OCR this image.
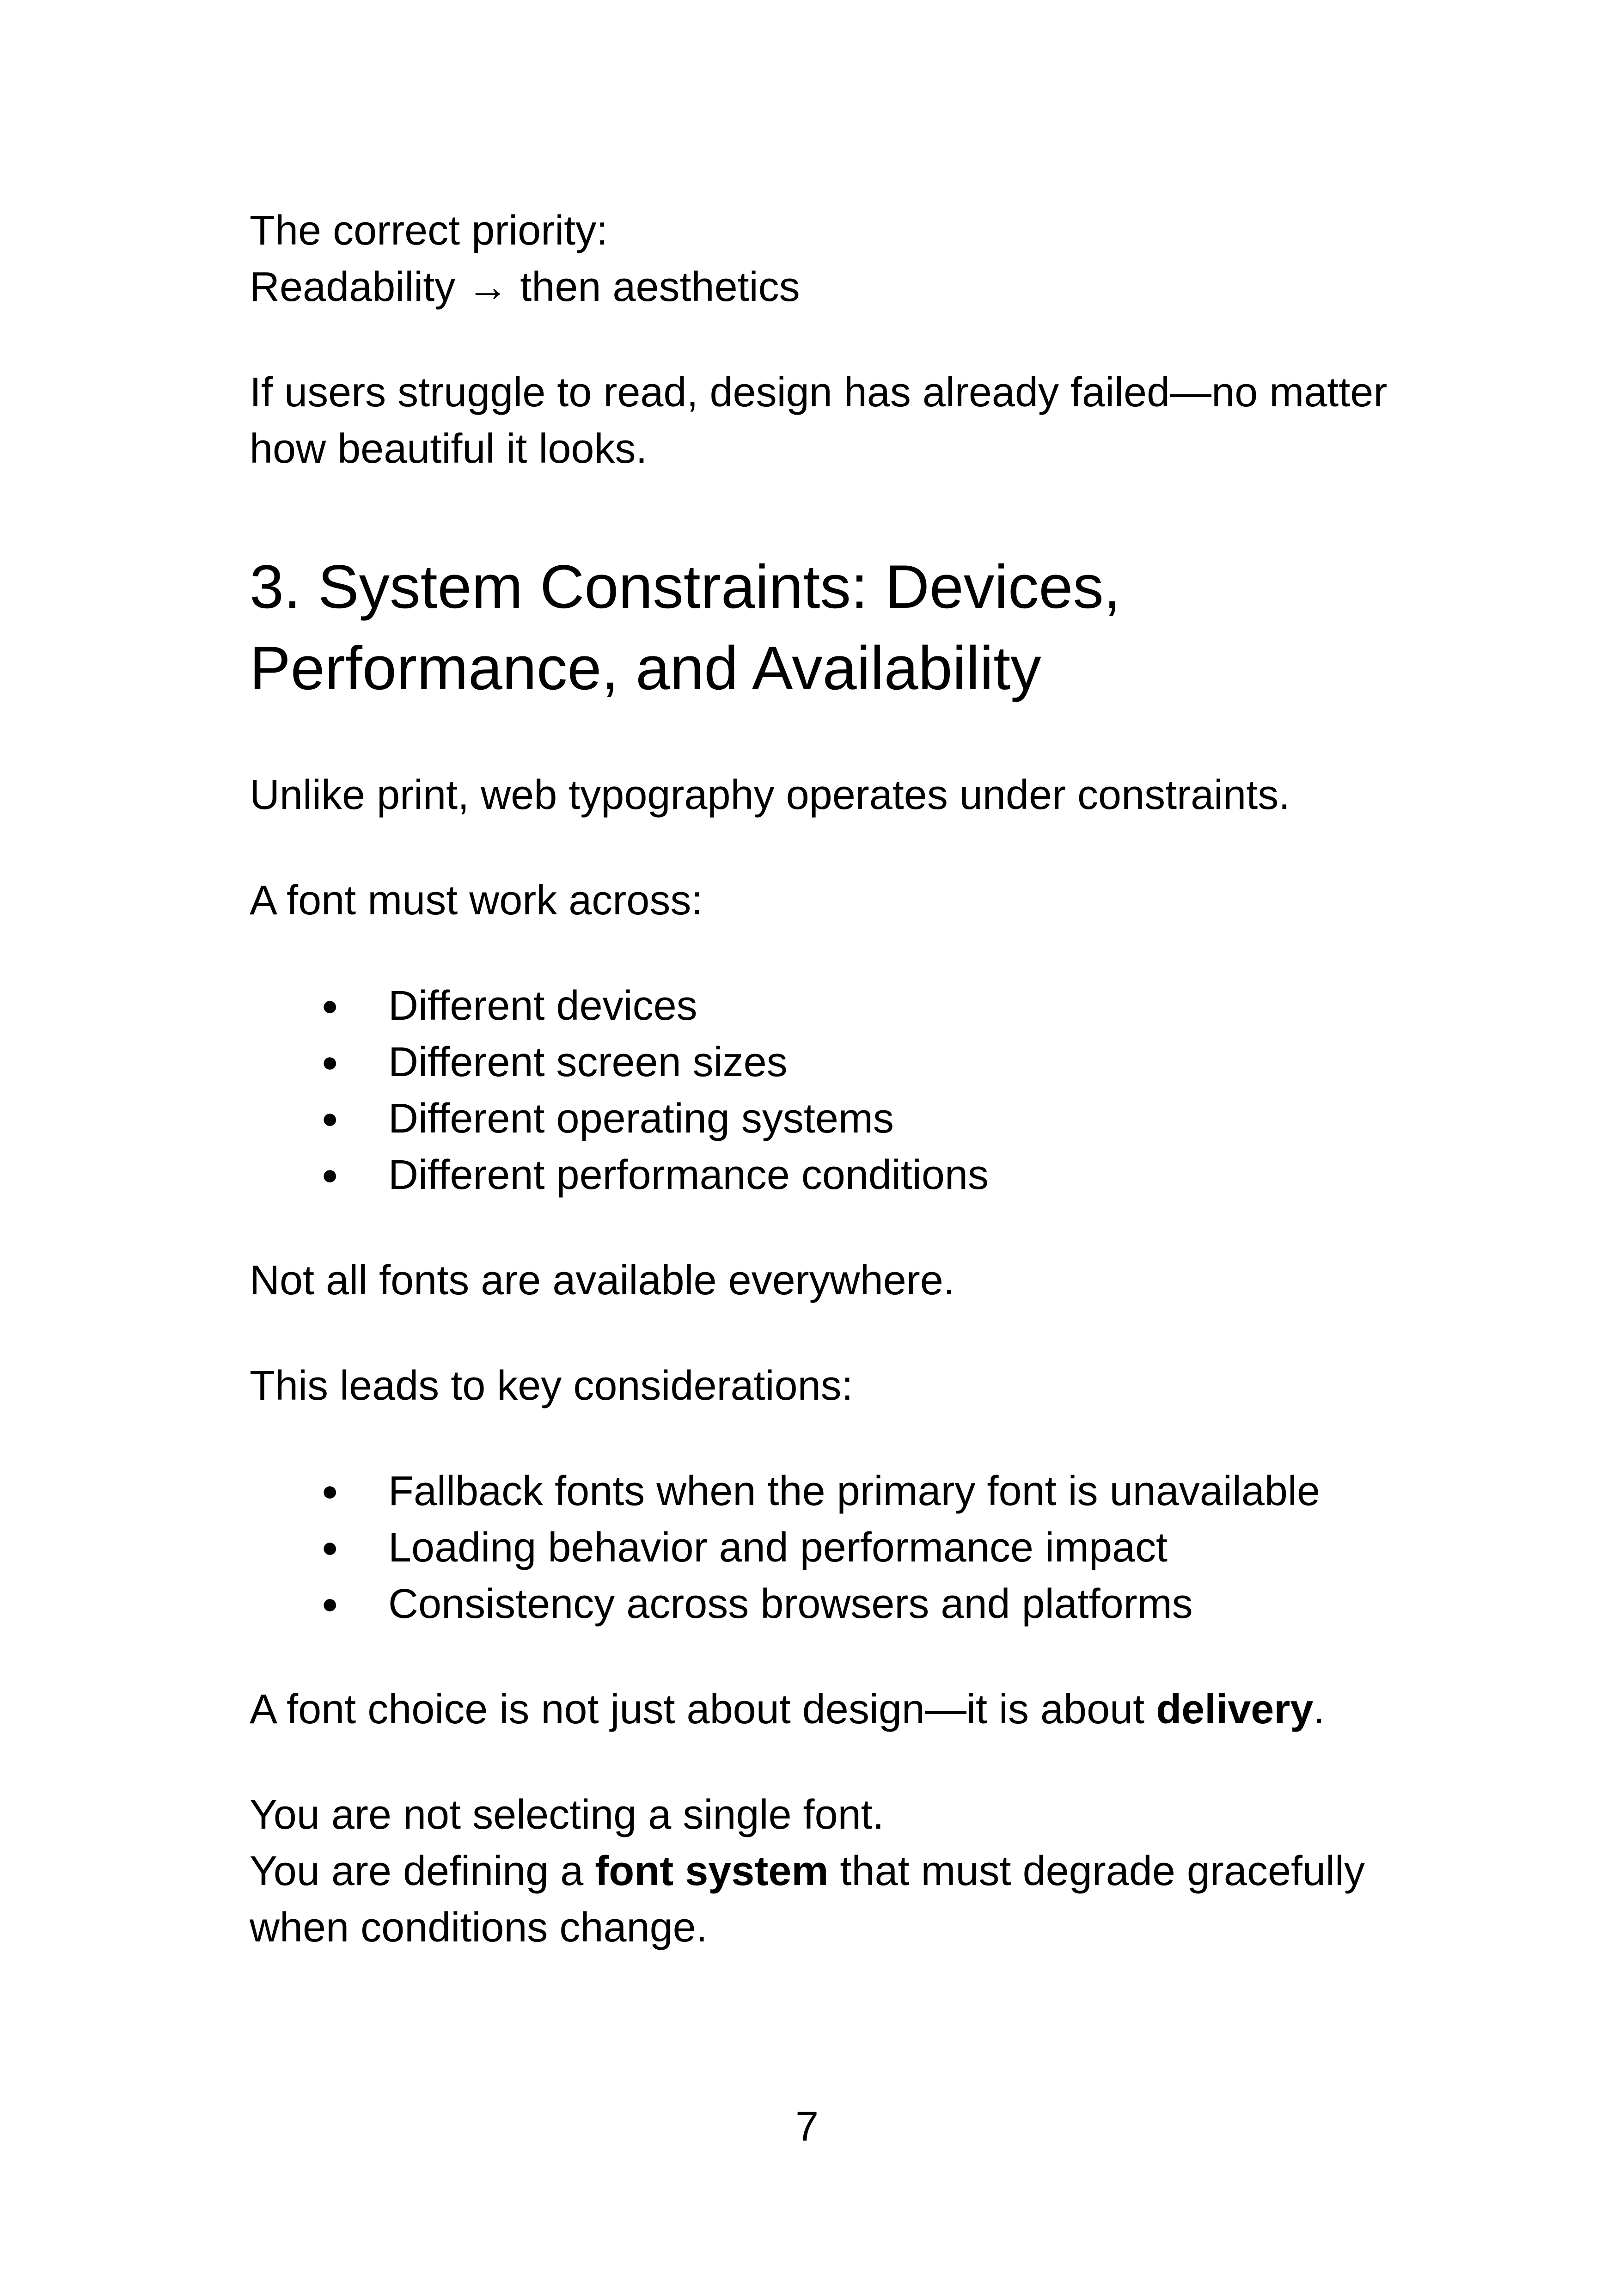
The correct priority:

Readability → then aesthetics

If users struggle to read, design has already failed—no matter

how beautiful it looks.

3. System Constraints: Devices,
Performance, and Availability

Unlike print, web typography operates under constraints.

A font must work across:

● Different devices
● Different screen sizes
● Different operating systems
● Different performance conditions

Not all fonts are available everywhere.

This leads to key considerations:

● Fallback fonts when the primary font is unavailable
● Loading behavior and performance impact
● Consistency across browsers and platforms

A font choice is not just about design—it is about delivery.

You are not selecting a single font.

You are defining a font system that must degrade gracefully

when conditions change.

7
